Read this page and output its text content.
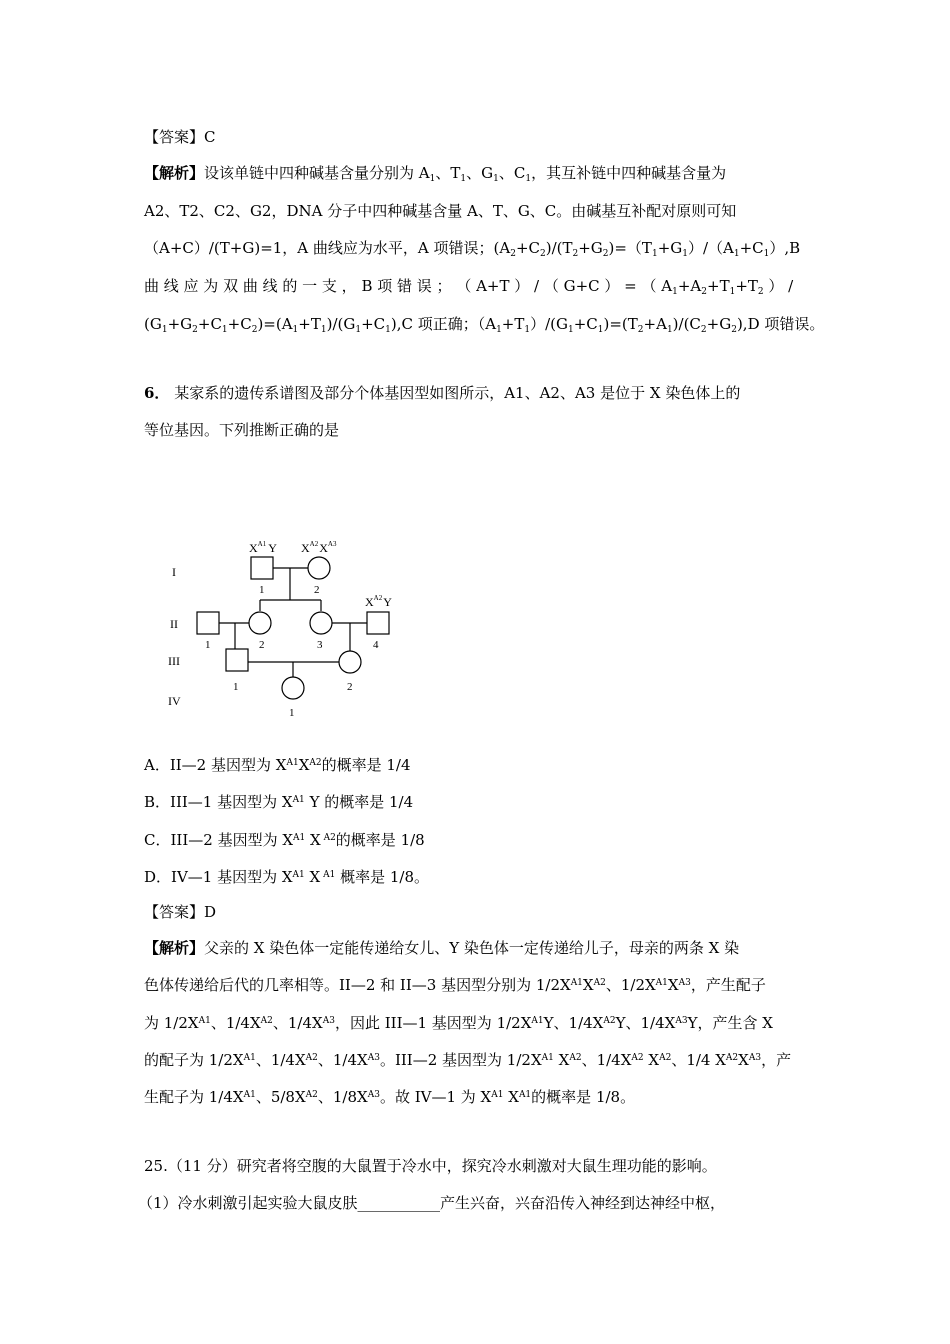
【答案】C
【解析】设该单链中四种碱基含量分别为 $A_1$、$T_1$、$G_1$、$C_1$，其互补链中四种碱基含量为
A2、T2、C2、G2，DNA 分子中四种碱基含量 A、T、G、C。由碱基互补配对原则可知
（A+C）/(T+G)=1，A 曲线应为水平，A 项错误；$(A_2+C_2)/(T_2+G_2)=(T_1+G_1)/(A_1+C_1),B$
曲 线 应 为 双 曲 线 的 一 支 ， B 项 错 误 ； （ A+T ） / （ G+C ） = （ $A_1+A_2+T_1+T_2$ ） /
$(G_1+G_2+C_1+C_2)=(A_1+T_1)/(G_1+C_1),C$ 项正确；$(A_1+T_1)/(G_1+C_1)=(T_2+A_1)/(C_2+G_2),D$ 项错误。
6． 某家系的遗传系谱图及部分个体基因型如图所示，A1、A2、A3 是位于 X 染色体上的
等位基因。下列推断正确的是
I
II
III
IV
$X^{A1}$ Y $X^{A2}X^{A3}$
$X^{A2}Y$
1	2
1	2	3	4
1	2
1
A．II—2 基因型为 $X^{A1}X^{A2}$的概率是 1/4
B．III—1 基因型为 $X^{A1}$ Y 的概率是 1/4
C．III—2 基因型为 $X^{A1}$ X $^{A2}$的概率是 1/8
D．IV—1 基因型为 $X^{A1}$ X $^{A1}$ 概率是 1/8。
【答案】D
【解析】父亲的 X 染色体一定能传递给女儿、Y 染色体一定传递给儿子，母亲的两条 X 染
色体传递给后代的几率相等。II—2 和 II—3 基因型分别为 $1/2X^{A1}X^{A2}$、$1/2X^{A1}X^{A3}$，产生配子
为 $1/2X^{A1}$、$1/4X^{A2}$、$1/4X^{A3}$，因此 III—1 基因型为 $1/2X^{A1}Y$、$1/4X^{A2}Y$、$1/4X^{A3}Y$，产生含 X
的配子为 $1/2X^{A1}$、$1/4X^{A2}$、$1/4X^{A3}$。III—2 基因型为 $1/2X^{A1}$ $X^{A2}$、$1/4X^{A2}$ $X^{A2}$、1/4 $X^{A2}X^{A3}$，产
生配子为 $1/4X^{A1}$、$5/8X^{A2}$、$1/8X^{A3}$。故 IV—1 为 $X^{A1}$ $X^{A1}$的概率是 1/8。
25.（11 分）研究者将空腹的大鼠置于冷水中，探究冷水刺激对大鼠生理功能的影响。
（1）冷水刺激引起实验大鼠皮肤___________产生兴奋，兴奋沿传入神经到达神经中枢，
